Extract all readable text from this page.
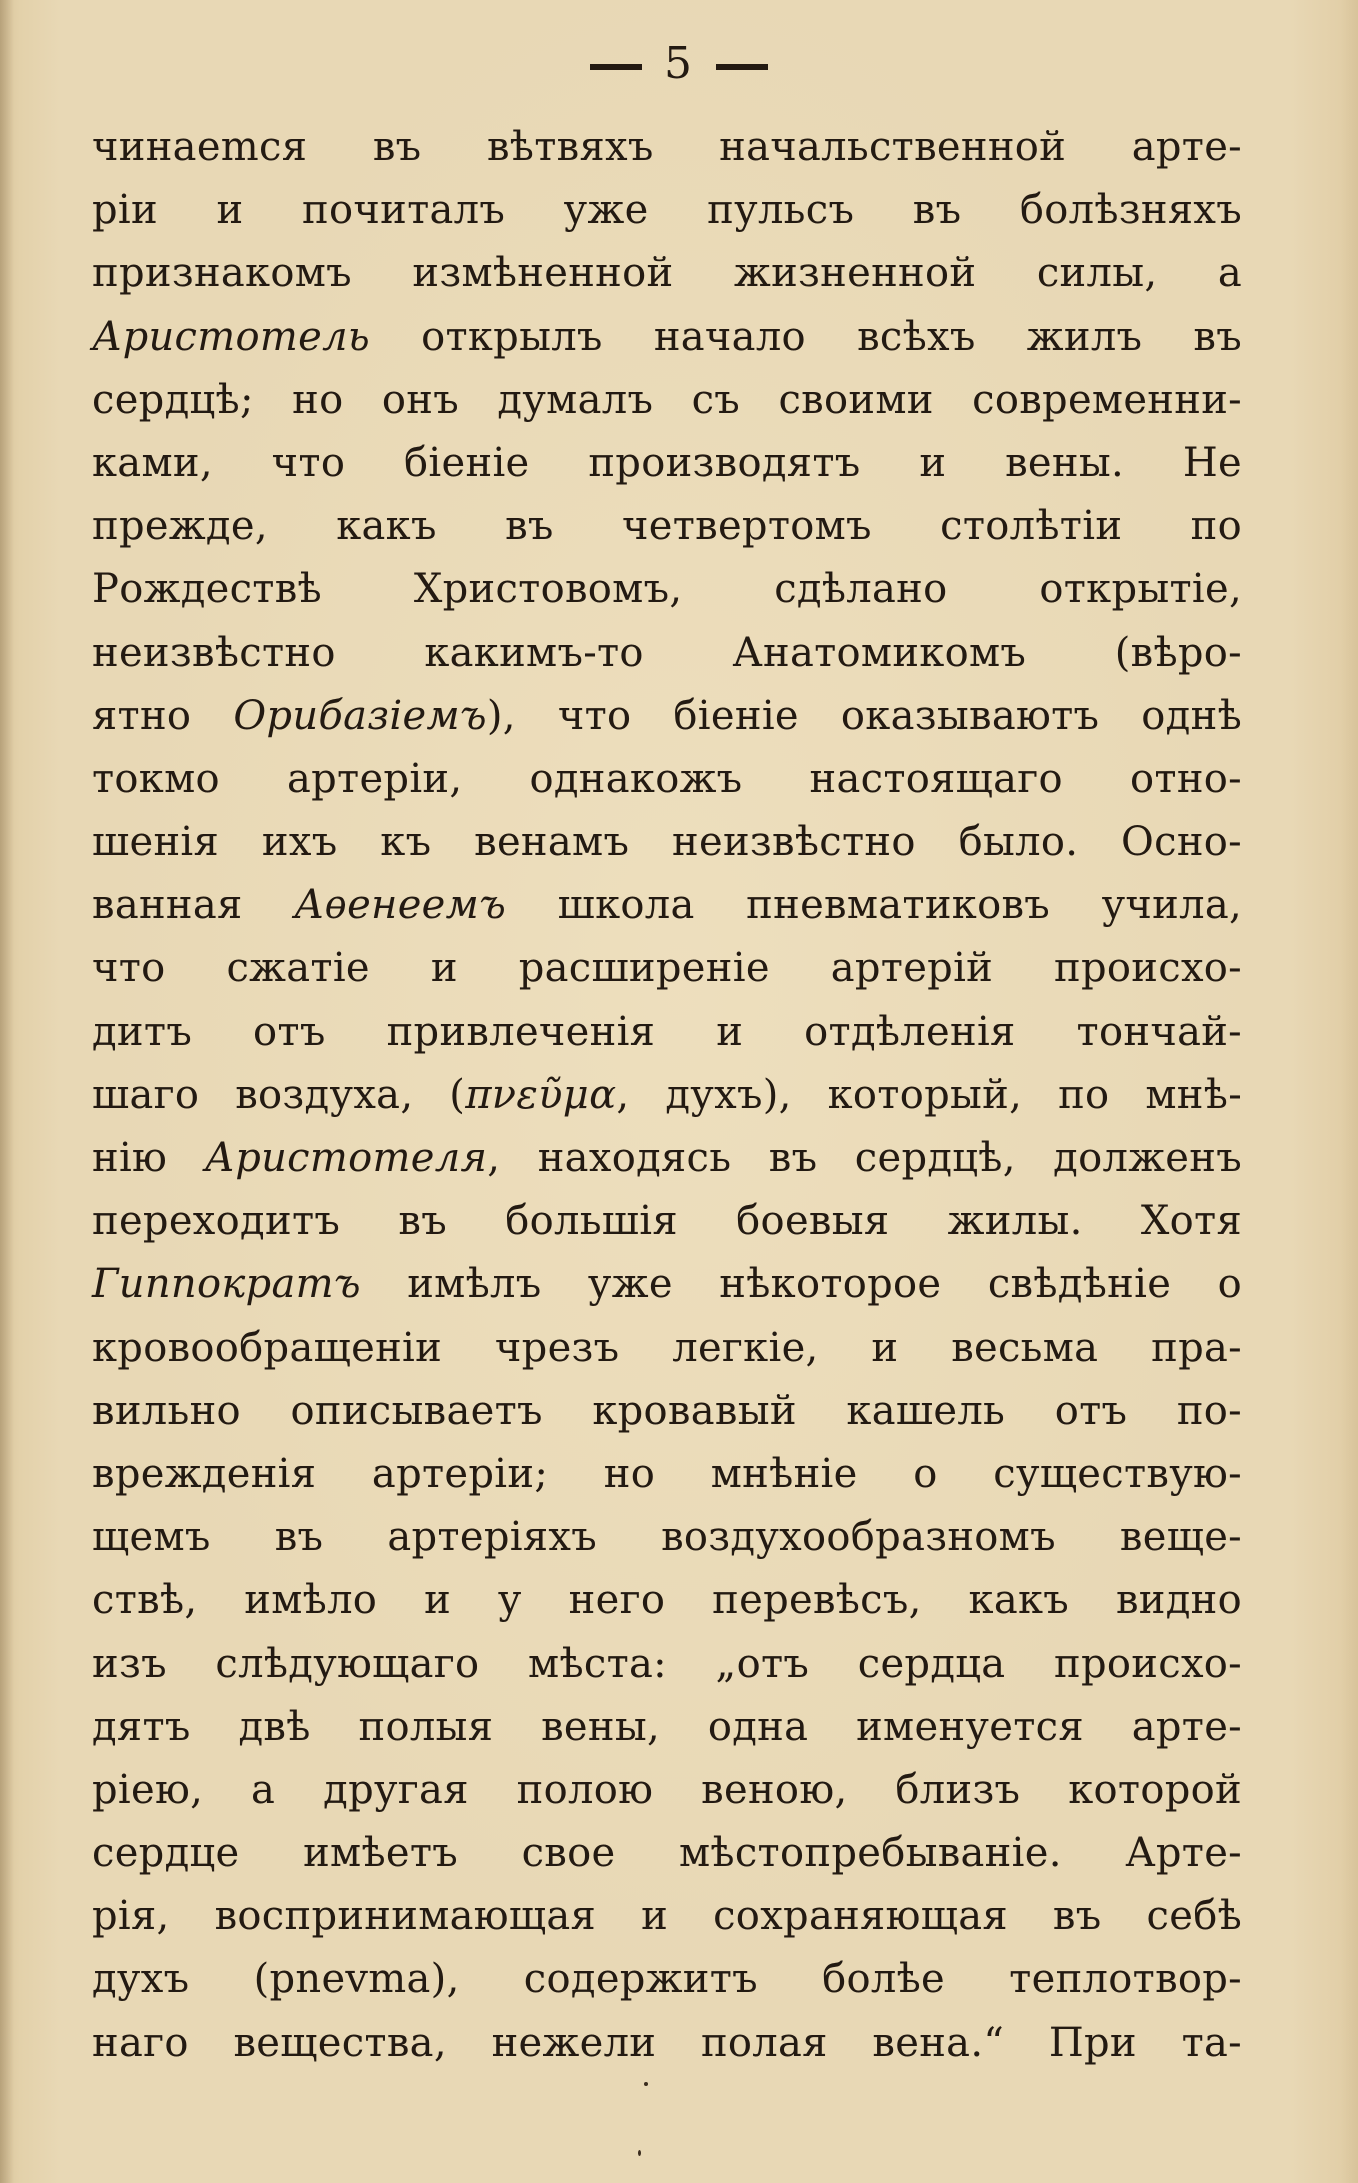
5
чинаеmся въ вѣтвяхъ начальственной арте-
ріи и почиталъ уже пульсъ въ болѣзняхъ
признакомъ измѣненной жизненной силы, а
Аристотель открылъ начало всѣхъ жилъ въ
сердцѣ; но онъ думалъ съ своими современни-
ками, что біеніе производятъ и вены. Не
прежде, какъ въ четвертомъ столѣтіи по
Рождествѣ Христовомъ, сдѣлано открытіе,
неизвѣстно какимъ-то Анатомикомъ (вѣро-
ятно Орибазіемъ), что біеніе оказываютъ однѣ
токмо артеріи, однакожъ настоящаго отно-
шенія ихъ къ венамъ неизвѣстно было. Осно-
ванная Аѳенеемъ школа пневматиковъ учила,
что сжатіе и расширеніе артерій происхо-
дитъ отъ привлеченія и отдѣленія тончай-
шаго воздуха, (πνεῦμα, духъ), который, по мнѣ-
нію Аристотеля, находясь въ сердцѣ, долженъ
переходитъ въ большія боевыя жилы. Хотя
Гиппократъ имѣлъ уже нѣкоторое свѣдѣніе о
кровообращеніи чрезъ легкіе, и весьма пра-
вильно описываетъ кровавый кашель отъ по-
врежденія артеріи; но мнѣніе о существую-
щемъ въ артеріяхъ воздухообразномъ веще-
ствѣ, имѣло и у него перевѣсъ, какъ видно
изъ слѣдующаго мѣста: „отъ сердца происхо-
дятъ двѣ полыя вены, одна именуется арте-
ріею, а другая полою веною, близъ которой
сердце имѣетъ свое мѣстопребываніе. Арте-
рія, воспринимающая и сохраняющая въ себѣ
духъ (pnevma), содержитъ болѣе теплотвор-
наго вещества, нежели полая вена.“ При та-
